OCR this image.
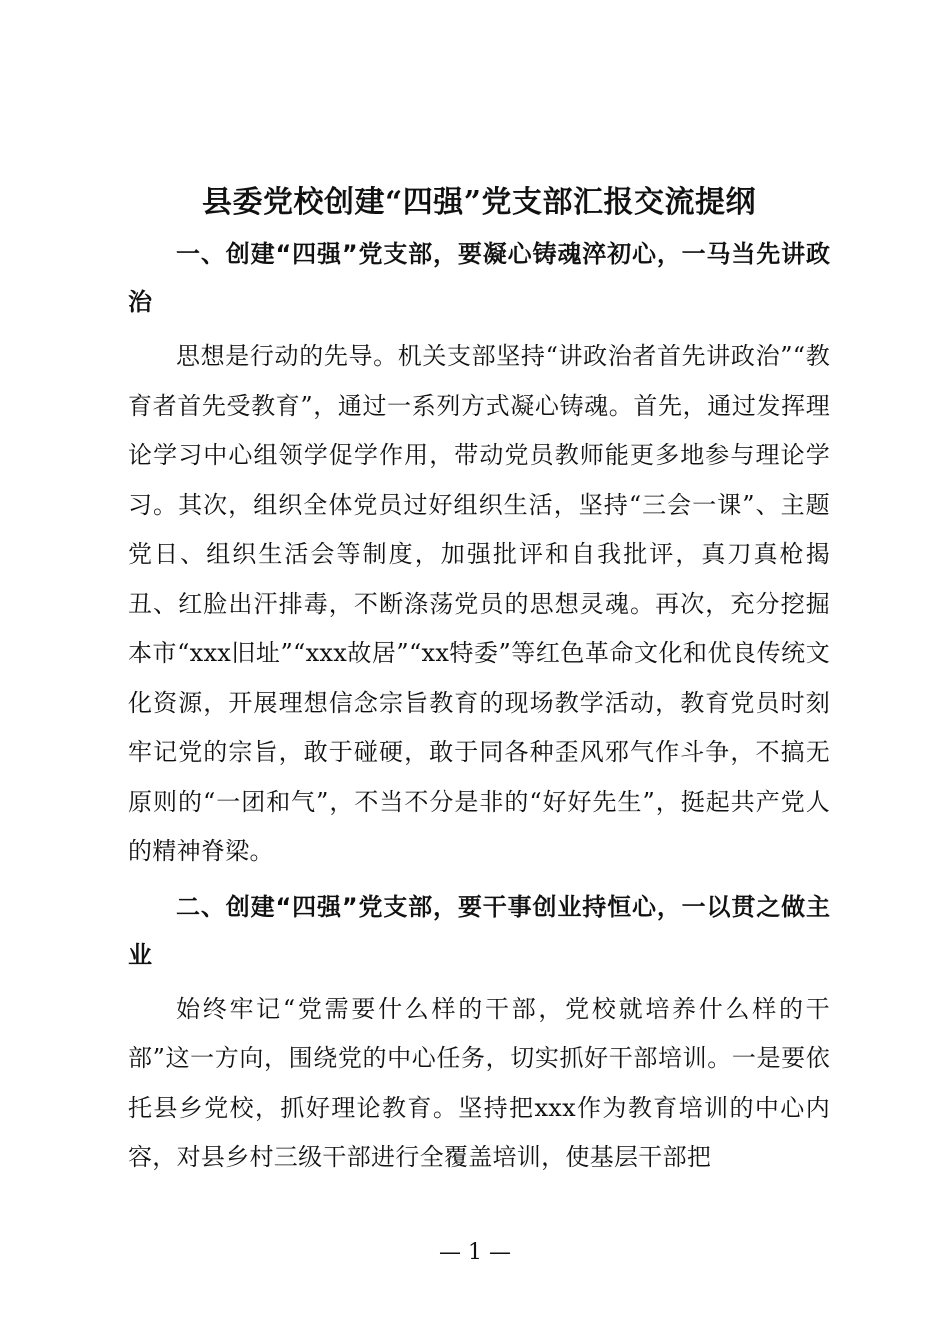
县委党校创建“四强”党支部汇报交流提纲

一、创建“四强”党支部，要凝心铸魂淬初心，一马当先讲政治

思想是行动的先导。机关支部坚持“讲政治者首先讲政治”“教育者首先受教育”，通过一系列方式凝心铸魂。首先，通过发挥理论学习中心组领学促学作用，带动党员教师能更多地参与理论学习。其次，组织全体党员过好组织生活，坚持“三会一课”、主题党日、组织生活会等制度，加强批评和自我批评，真刀真枪揭丑、红脸出汗排毒，不断涤荡党员的思想灵魂。再次，充分挖掘本市“xxx旧址”“xxx故居”“xx特委”等红色革命文化和优良传统文化资源，开展理想信念宗旨教育的现场教学活动，教育党员时刻牢记党的宗旨，敢于碰硬，敢于同各种歪风邪气作斗争，不搞无原则的“一团和气”，不当不分是非的“好好先生”，挺起共产党人的精神脊梁。

二、创建“四强”党支部，要干事创业持恒心，一以贯之做主业

始终牢记“党需要什么样的干部，党校就培养什么样的干部”这一方向，围绕党的中心任务，切实抓好干部培训。一是要依托县乡党校，抓好理论教育。坚持把xxx作为教育培训的中心内容，对县乡村三级干部进行全覆盖培训，使基层干部把

— 1 —
